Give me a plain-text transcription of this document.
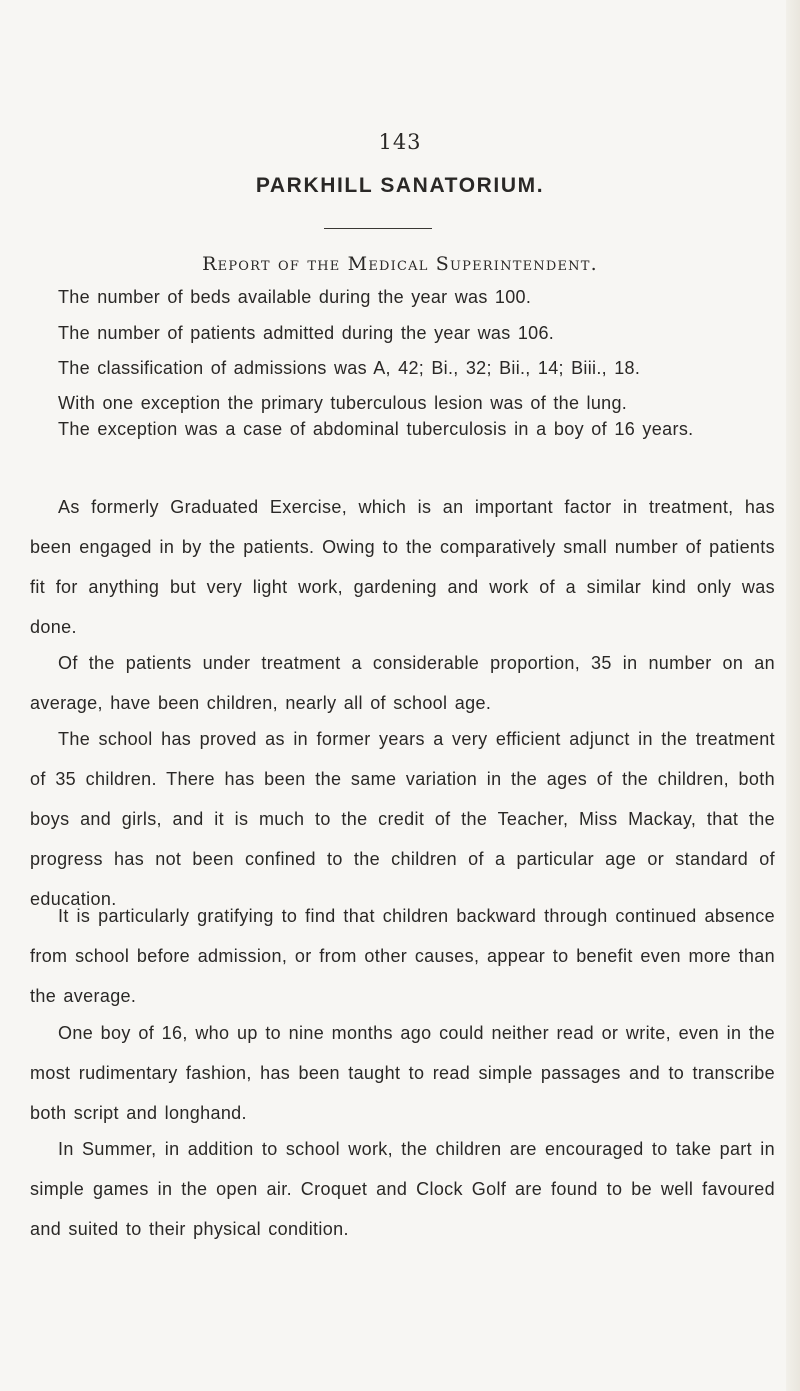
143
PARKHILL SANATORIUM.
Report of the Medical Superintendent.
The number of beds available during the year was 100.
The number of patients admitted during the year was 106.
The classification of admissions was A, 42; Bi., 32; Bii., 14; Biii., 18.
With one exception the primary tuberculous lesion was of the lung.
The exception was a case of abdominal tuberculosis in a boy of 16 years.
As formerly Graduated Exercise, which is an important factor in treatment, has been engaged in by the patients. Owing to the comparatively small number of patients fit for anything but very light work, gardening and work of a similar kind only was done.
Of the patients under treatment a considerable proportion, 35 in number on an average, have been children, nearly all of school age.
The school has proved as in former years a very efficient adjunct in the treatment of 35 children. There has been the same variation in the ages of the children, both boys and girls, and it is much to the credit of the Teacher, Miss Mackay, that the progress has not been confined to the children of a particular age or standard of education.
It is particularly gratifying to find that children backward through continued absence from school before admission, or from other causes, appear to benefit even more than the average.
One boy of 16, who up to nine months ago could neither read or write, even in the most rudimentary fashion, has been taught to read simple passages and to transcribe both script and longhand.
In Summer, in addition to school work, the children are encouraged to take part in simple games in the open air. Croquet and Clock Golf are found to be well favoured and suited to their physical condition.
